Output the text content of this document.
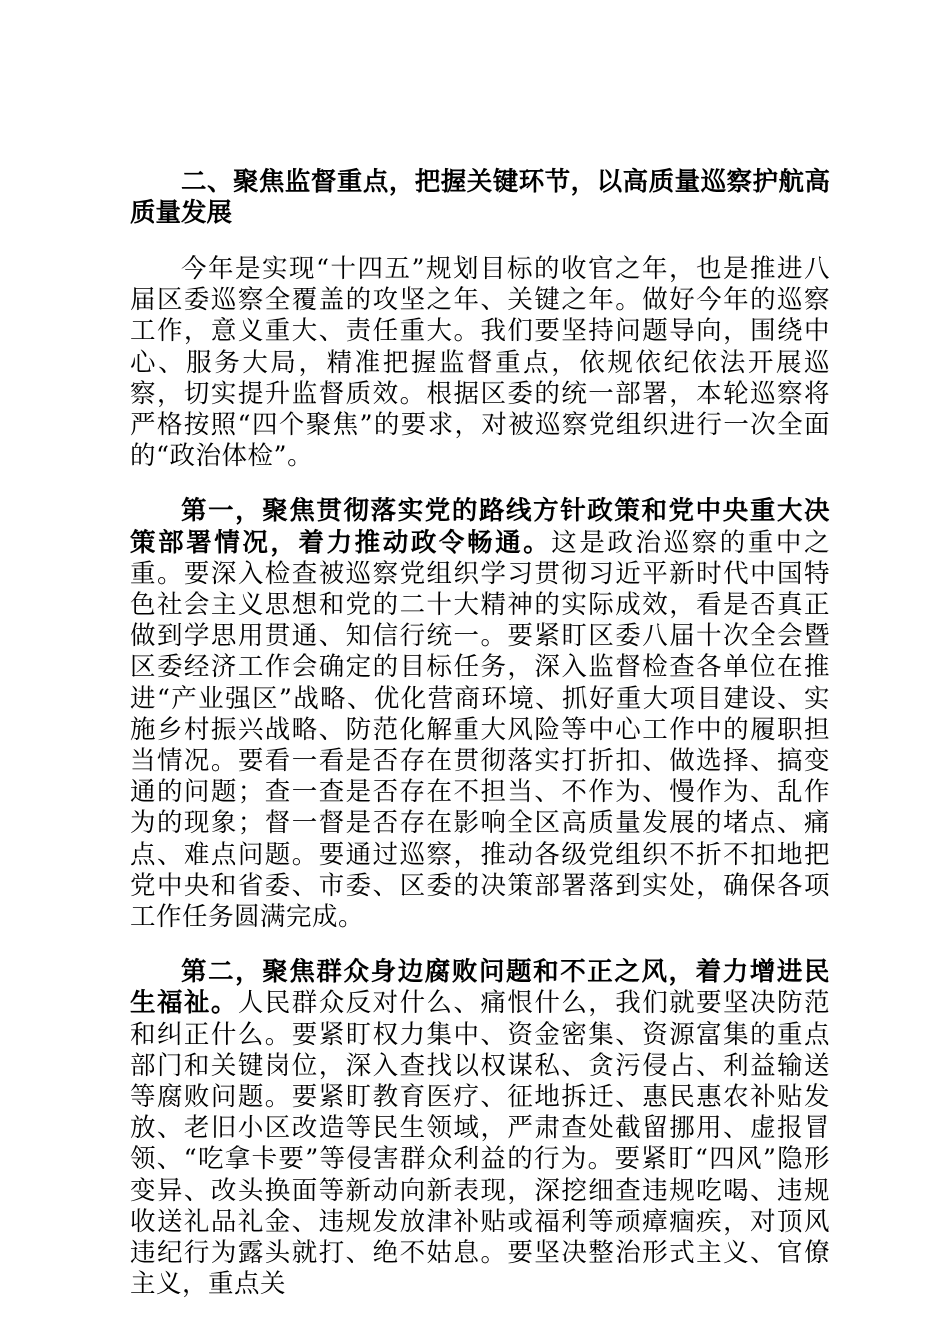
二、聚焦监督重点，把握关键环节，以高质量巡察护航高质量发展

今年是实现“十四五”规划目标的收官之年，也是推进八届区委巡察全覆盖的攻坚之年、关键之年。做好今年的巡察工作，意义重大、责任重大。我们要坚持问题导向，围绕中心、服务大局，精准把握监督重点，依规依纪依法开展巡察，切实提升监督质效。根据区委的统一部署，本轮巡察将严格按照“四个聚焦”的要求，对被巡察党组织进行一次全面的“政治体检”。

第一，聚焦贯彻落实党的路线方针政策和党中央重大决策部署情况，着力推动政令畅通。这是政治巡察的重中之重。要深入检查被巡察党组织学习贯彻习近平新时代中国特色社会主义思想和党的二十大精神的实际成效，看是否真正做到学思用贯通、知信行统一。要紧盯区委八届十次全会暨区委经济工作会确定的目标任务，深入监督检查各单位在推进“产业强区”战略、优化营商环境、抓好重大项目建设、实施乡村振兴战略、防范化解重大风险等中心工作中的履职担当情况。要看一看是否存在贯彻落实打折扣、做选择、搞变通的问题；查一查是否存在不担当、不作为、慢作为、乱作为的现象；督一督是否存在影响全区高质量发展的堵点、痛点、难点问题。要通过巡察，推动各级党组织不折不扣地把党中央和省委、市委、区委的决策部署落到实处，确保各项工作任务圆满完成。

第二，聚焦群众身边腐败问题和不正之风，着力增进民生福祉。人民群众反对什么、痛恨什么，我们就要坚决防范和纠正什么。要紧盯权力集中、资金密集、资源富集的重点部门和关键岗位，深入查找以权谋私、贪污侵占、利益输送等腐败问题。要紧盯教育医疗、征地拆迁、惠民惠农补贴发放、老旧小区改造等民生领域，严肃查处截留挪用、虚报冒领、“吃拿卡要”等侵害群众利益的行为。要紧盯“四风”隐形变异、改头换面等新动向新表现，深挖细查违规吃喝、违规收送礼品礼金、违规发放津补贴或福利等顽瘴痼疾，对顶风违纪行为露头就打、绝不姑息。要坚决整治形式主义、官僚主义，重点关
